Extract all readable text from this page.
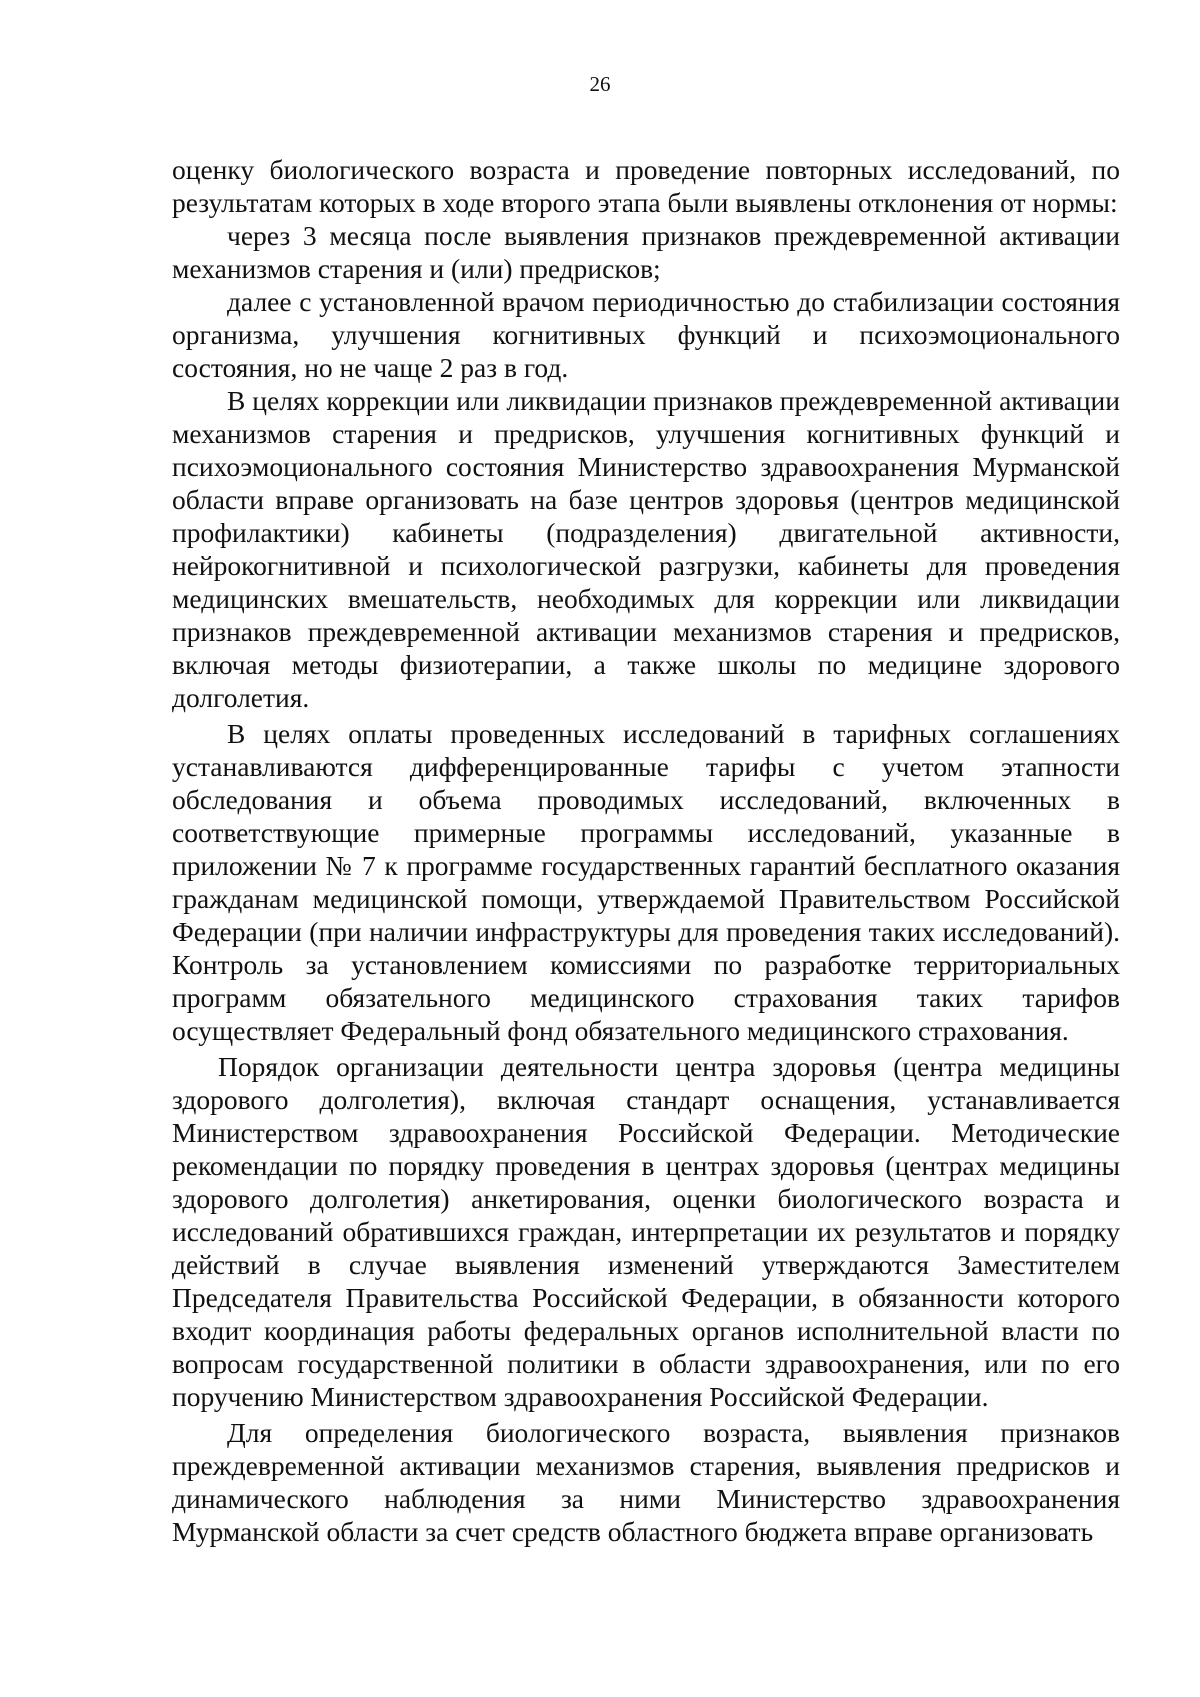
26

оценку биологического возраста и проведение повторных исследований, по результатам которых в ходе второго этапа были выявлены отклонения от нормы:

через 3 месяца после выявления признаков преждевременной активации механизмов старения и (или) предрисков;

далее с установленной врачом периодичностью до стабилизации состояния организма, улучшения когнитивных функций и психоэмоционального состояния, но не чаще 2 раз в год.

В целях коррекции или ликвидации признаков преждевременной активации механизмов старения и предрисков, улучшения когнитивных функций и психоэмоционального состояния Министерство здравоохранения Мурманской области вправе организовать на базе центров здоровья (центров медицинской профилактики) кабинеты (подразделения) двигательной активности, нейрокогнитивной и психологической разгрузки, кабинеты для проведения медицинских вмешательств, необходимых для коррекции или ликвидации признаков преждевременной активации механизмов старения и предрисков, включая методы физиотерапии, а также школы по медицине здорового долголетия.

В целях оплаты проведенных исследований в тарифных соглашениях устанавливаются дифференцированные тарифы с учетом этапности обследования и объема проводимых исследований, включенных в соответствующие примерные программы исследований, указанные в приложении № 7 к программе государственных гарантий бесплатного оказания гражданам медицинской помощи, утверждаемой Правительством Российской Федерации (при наличии инфраструктуры для проведения таких исследований). Контроль за установлением комиссиями по разработке территориальных программ обязательного медицинского страхования таких тарифов осуществляет Федеральный фонд обязательного медицинского страхования.

Порядок организации деятельности центра здоровья (центра медицины здорового долголетия), включая стандарт оснащения, устанавливается Министерством здравоохранения Российской Федерации. Методические рекомендации по порядку проведения в центрах здоровья (центрах медицины здорового долголетия) анкетирования, оценки биологического возраста и исследований обратившихся граждан, интерпретации их результатов и порядку действий в случае выявления изменений утверждаются Заместителем Председателя Правительства Российской Федерации, в обязанности которого входит координация работы федеральных органов исполнительной власти по вопросам государственной политики в области здравоохранения, или по его поручению Министерством здравоохранения Российской Федерации.

Для определения биологического возраста, выявления признаков преждевременной активации механизмов старения, выявления предрисков и динамического наблюдения за ними Министерство здравоохранения Мурманской области за счет средств областного бюджета вправе организовать
